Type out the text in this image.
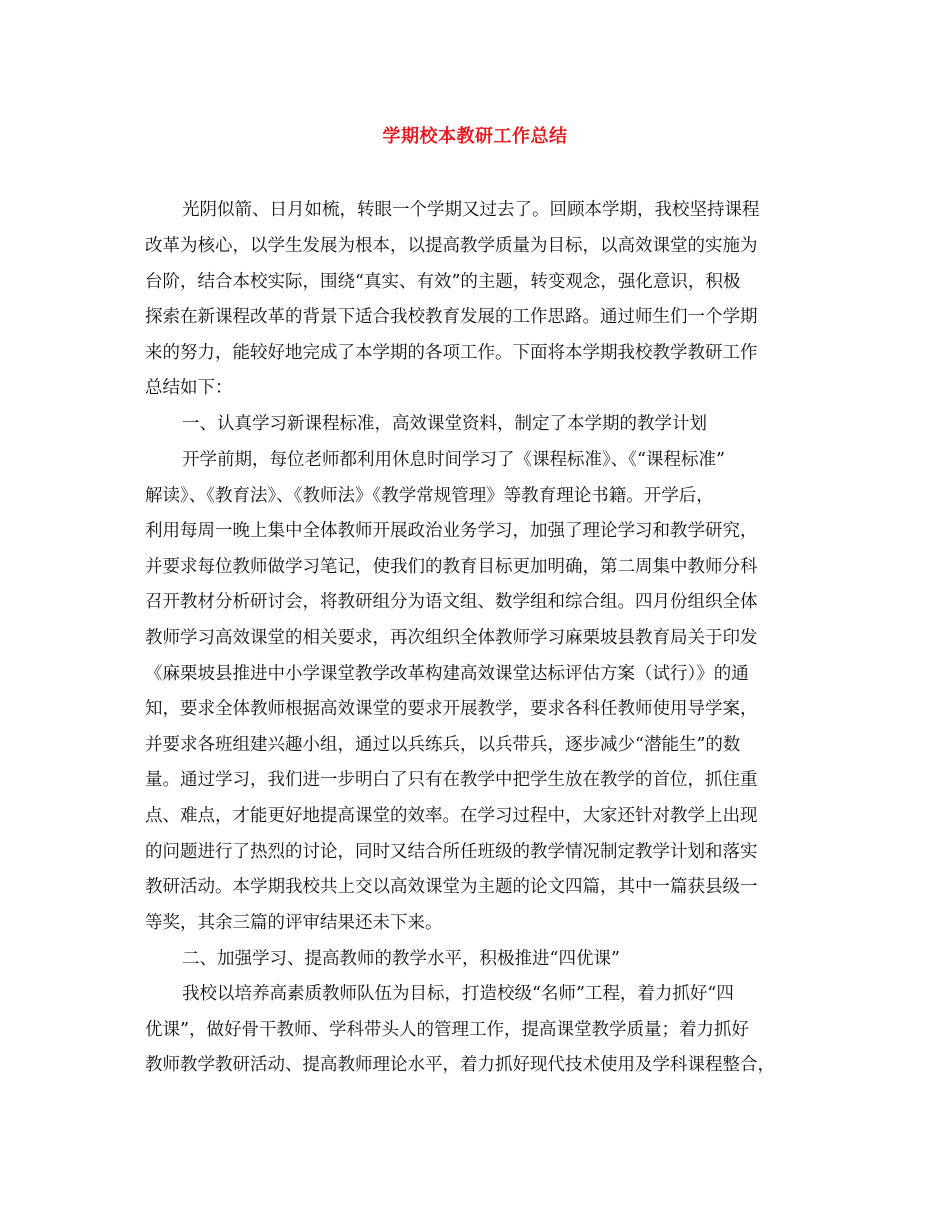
学期校本教研工作总结
光阴似箭、日月如梳，转眼一个学期又过去了。回顾本学期，我校坚持课程
改革为核心，以学生发展为根本，以提高教学质量为目标，以高效课堂的实施为
台阶，结合本校实际，围绕“真实、有效”的主题，转变观念，强化意识，积极
探索在新课程改革的背景下适合我校教育发展的工作思路。通过师生们一个学期
来的努力，能较好地完成了本学期的各项工作。下面将本学期我校教学教研工作
总结如下：
一、认真学习新课程标准，高效课堂资料，制定了本学期的教学计划
开学前期，每位老师都利用休息时间学习了《课程标准》、《“课程标准”
解读》、《教育法》、《教师法》《教学常规管理》等教育理论书籍。开学后，
利用每周一晚上集中全体教师开展政治业务学习，加强了理论学习和教学研究，
并要求每位教师做学习笔记，使我们的教育目标更加明确，第二周集中教师分科
召开教材分析研讨会，将教研组分为语文组、数学组和综合组。四月份组织全体
教师学习高效课堂的相关要求，再次组织全体教师学习麻栗坡县教育局关于印发
《麻栗坡县推进中小学课堂教学改革构建高效课堂达标评估方案（试行）》的通
知，要求全体教师根据高效课堂的要求开展教学，要求各科任教师使用导学案，
并要求各班组建兴趣小组，通过以兵练兵，以兵带兵，逐步减少“潜能生”的数
量。通过学习，我们进一步明白了只有在教学中把学生放在教学的首位，抓住重
点、难点，才能更好地提高课堂的效率。在学习过程中，大家还针对教学上出现
的问题进行了热烈的讨论，同时又结合所任班级的教学情况制定教学计划和落实
教研活动。本学期我校共上交以高效课堂为主题的论文四篇，其中一篇获县级一
等奖，其余三篇的评审结果还未下来。
二、加强学习、提高教师的教学水平，积极推进“四优课”
我校以培养高素质教师队伍为目标，打造校级“名师”工程，着力抓好“四
优课”，做好骨干教师、学科带头人的管理工作，提高课堂教学质量；着力抓好
教师教学教研活动、提高教师理论水平，着力抓好现代技术使用及学科课程整合，
